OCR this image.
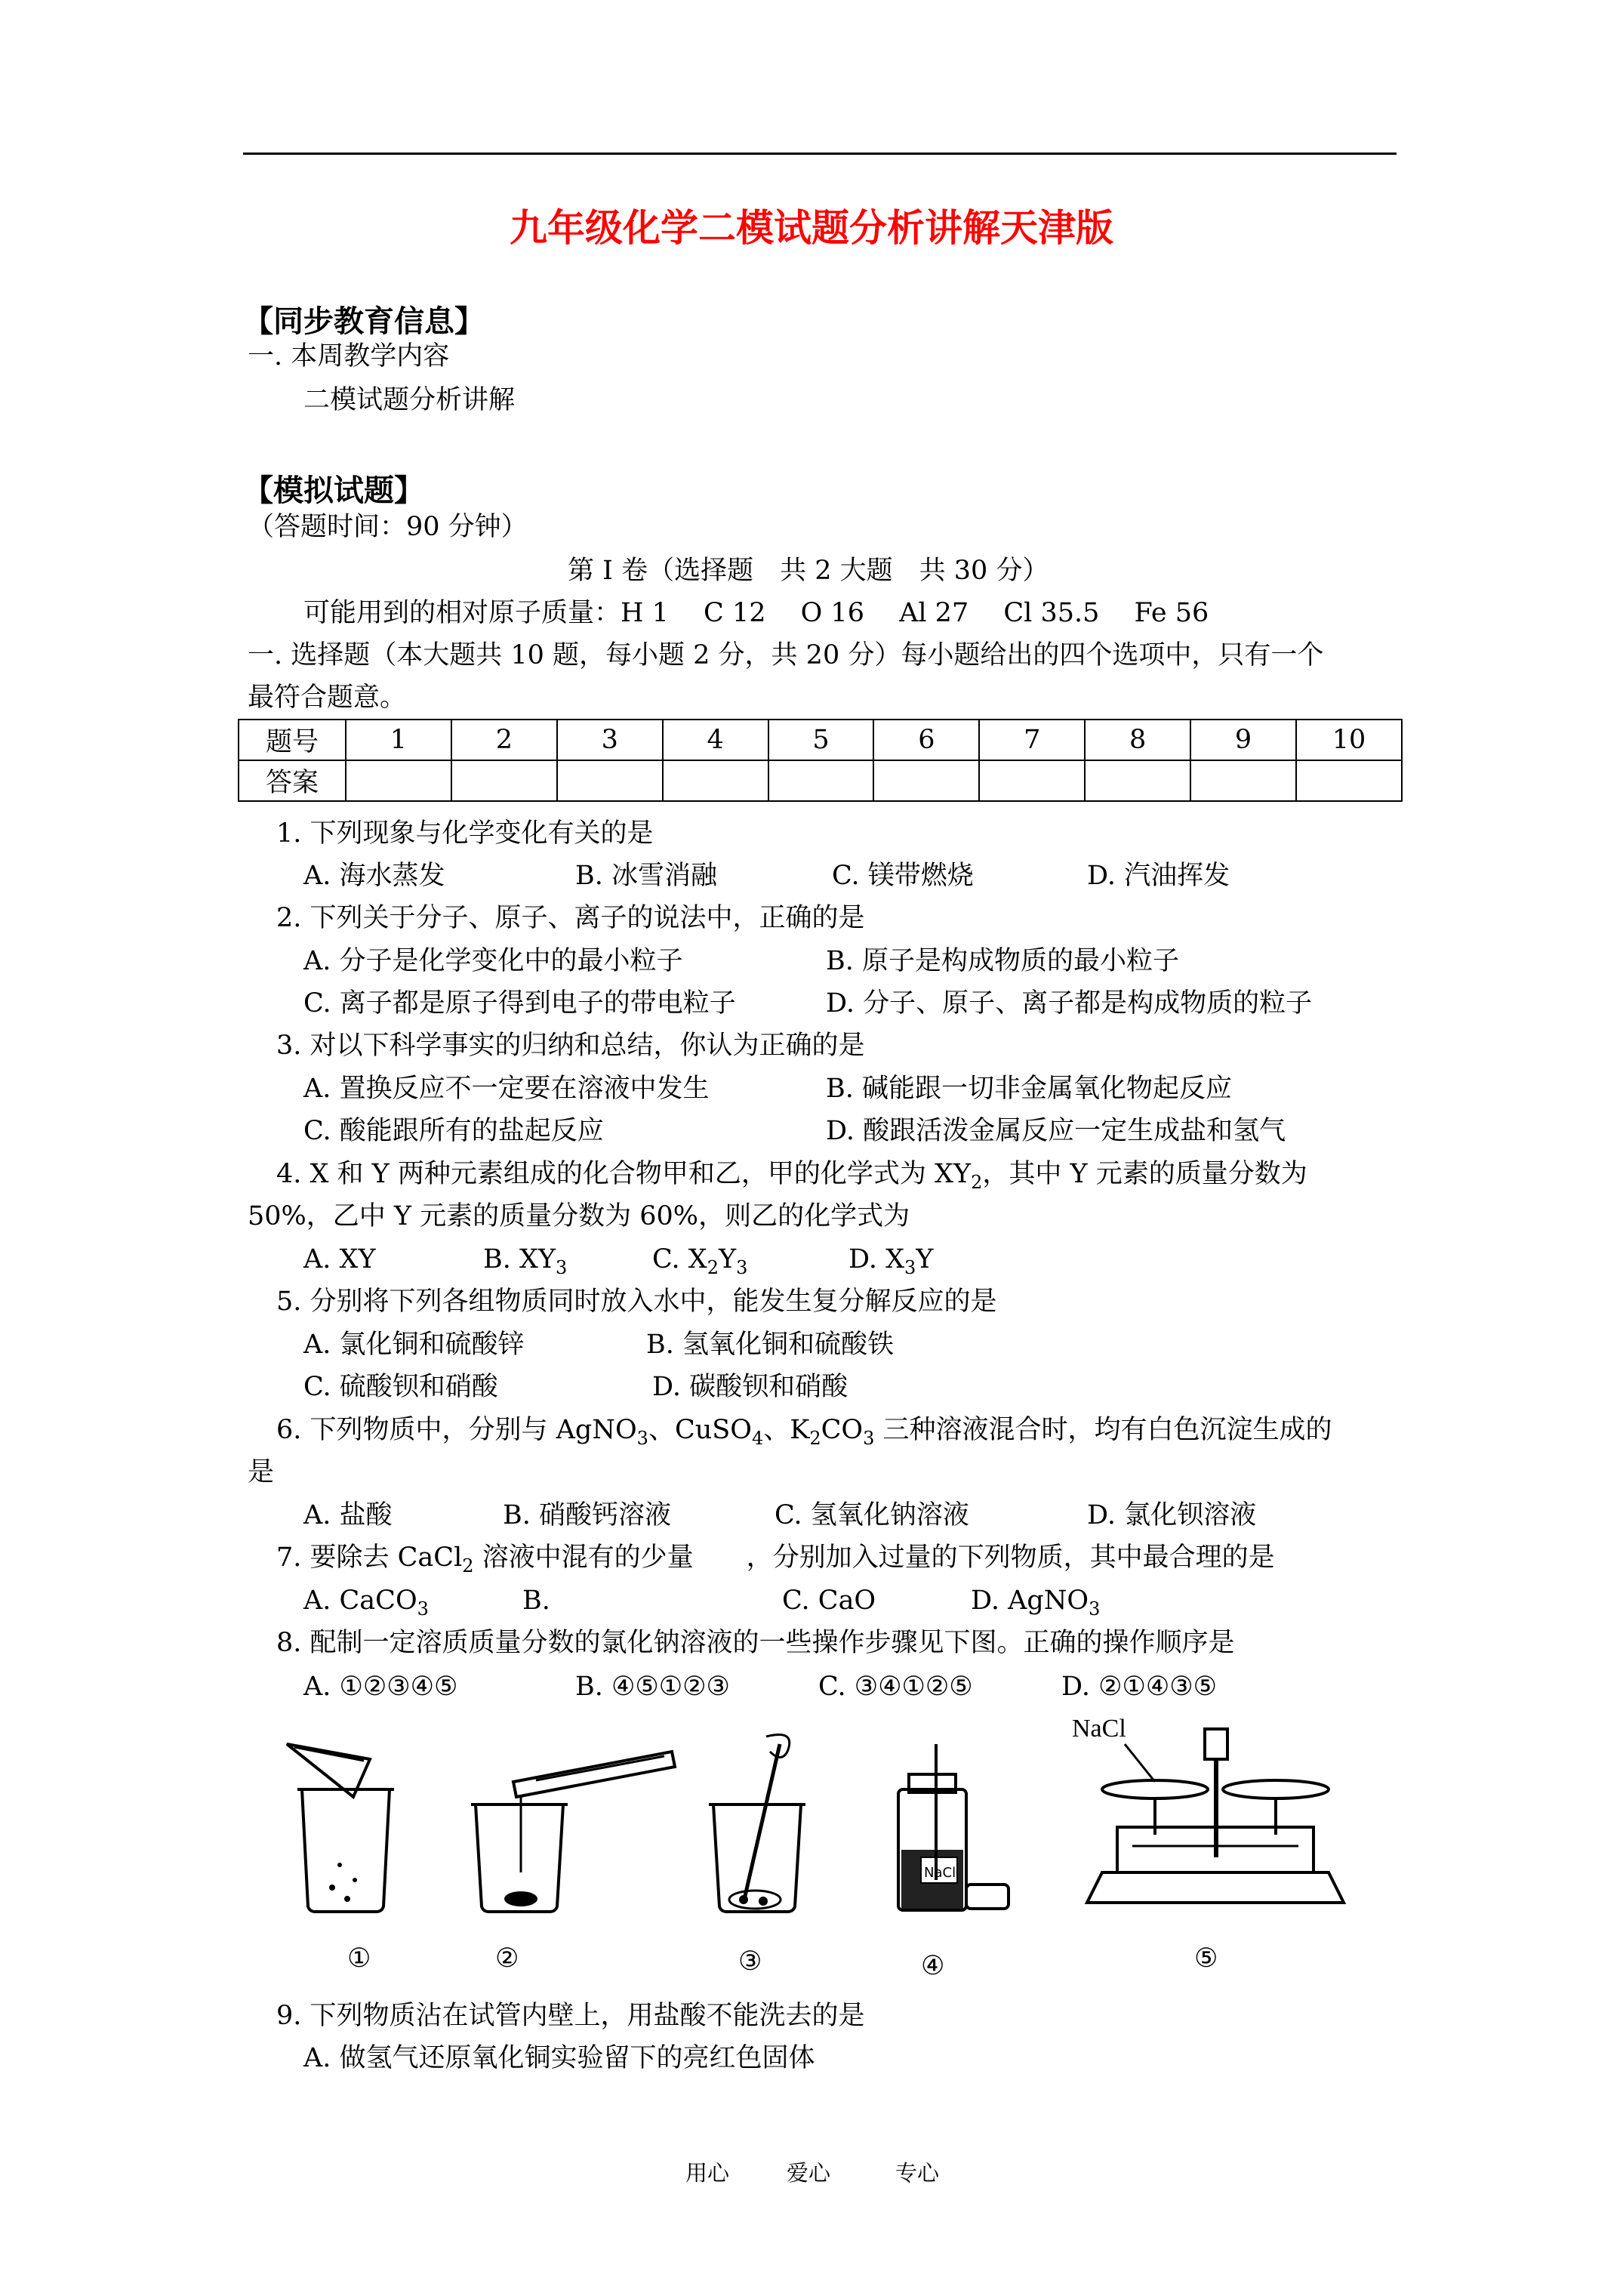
九年级化学二模试题分析讲解天津版
【同步教育信息】
一. 本周教学内容
二模试题分析讲解
【模拟试题】
（答题时间：90 分钟）
第 I 卷（选择题　共 2 大题　共 30 分）
可能用到的相对原子质量：H 1　 C 12　 O 16　 Al 27　 Cl 35.5　 Fe 56
一. 选择题（本大题共 10 题，每小题 2 分，共 20 分）每小题给出的四个选项中，只有一个
最符合题意。
题号	1	2	3	4	5	6	7	8	9	10
答案										
1. 下列现象与化学变化有关的是
A. 海水蒸发	B. 冰雪消融	C. 镁带燃烧	D. 汽油挥发
2. 下列关于分子、原子、离子的说法中，正确的是
A. 分子是化学变化中的最小粒子	B. 原子是构成物质的最小粒子
C. 离子都是原子得到电子的带电粒子	D. 分子、原子、离子都是构成物质的粒子
3. 对以下科学事实的归纳和总结，你认为正确的是
A. 置换反应不一定要在溶液中发生	B. 碱能跟一切非金属氧化物起反应
C. 酸能跟所有的盐起反应	D. 酸跟活泼金属反应一定生成盐和氢气
4. X 和 Y 两种元素组成的化合物甲和乙，甲的化学式为 $XY_2$，其中 Y 元素的质量分数为
50%，乙中 Y 元素的质量分数为 60%，则乙的化学式为
A. XY	B. $XY_3$	C. $X_2Y_3$	D. $X_3Y$
5. 分别将下列各组物质同时放入水中，能发生复分解反应的是
A. 氯化铜和硫酸锌	B. 氢氧化铜和硫酸铁
C. 硫酸钡和硝酸	D. 碳酸钡和硝酸
6. 下列物质中，分别与 AgNO$_3$、CuSO$_4$、$K_2CO_3$ 三种溶液混合时，均有白色沉淀生成的
是
A. 盐酸	B. 硝酸钙溶液	C. 氢氧化钠溶液	D. 氯化钡溶液
7. 要除去 CaCl$_2$ 溶液中混有的少量　　，分别加入过量的下列物质，其中最合理的是
A. CaCO$_3$	B.	C. CaO	D. AgNO$_3$
8. 配制一定溶质质量分数的氯化钠溶液的一些操作步骤见下图。正确的操作顺序是
A. ①②③④⑤	B. ④⑤①②③	C. ③④①②⑤	D. ②①④③⑤
NaCl
NaCl
①	②	③	④	⑤
9. 下列物质沾在试管内壁上，用盐酸不能洗去的是
A. 做氢气还原氧化铜实验留下的亮红色固体
用心	爱心	专心
